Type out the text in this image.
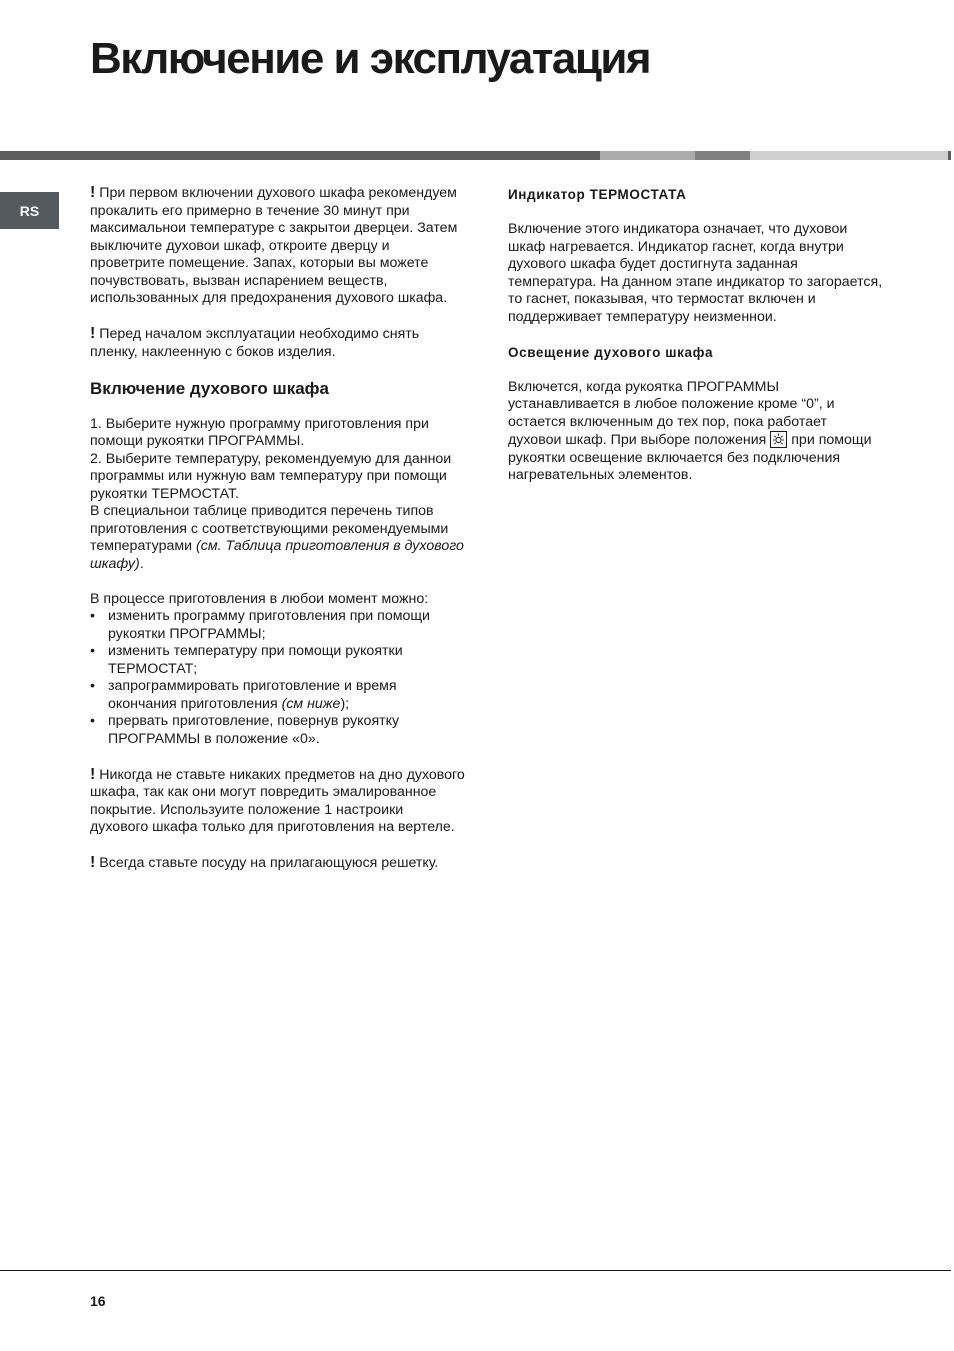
Включение и эксплуатация
RS

! При первом включении духового шкафа рекомендуем прокалить его примерно в течение 30 минут при максимальнои температуре с закрытои дверцеи. Затем выключите духовои шкаф, откроите дверцу и проветрите помещение. Запах, которыи вы можете почувствовать, вызван испарением веществ, использованных для предохранения духового шкафа.

! Перед началом эксплуатации необходимо снять пленку, наклеенную с боков изделия.

Включение духового шкафа

1. Выберите нужную программу приготовления при помощи рукоятки ПРОГРАММЫ.
2. Выберите температуру, рекомендуемую для даннои программы или нужную вам температуру при помощи рукоятки ТЕРМОСТАТ.
В специальнои таблице приводится перечень типов приготовления с соответствующими рекомендуемыми температурами (см. Таблица приготовления в духового шкафу).

В процессе приготовления в любои момент можно:
• изменить программу приготовления при помощи рукоятки ПРОГРАММЫ;
• изменить температуру при помощи рукоятки ТЕРМОСТАТ;
• запрограммировать приготовление и время окончания приготовления (см ниже);
• прервать приготовление, повернув рукоятку ПРОГРАММЫ в положение «0».

! Никогда не ставьте никаких предметов на дно духового шкафа, так как они могут повредить эмалированное покрытие. Используите положение 1 настроики духового шкафа только для приготовления на вертеле.

! Всегда ставьте посуду на прилагающуюся решетку.

Индикатор ТЕРМОСТАТА

Включение этого индикатора означает, что духовои шкаф нагревается. Индикатор гаснет, когда внутри духового шкафа будет достигнута заданная температура. На данном этапе индикатор то загорается, то гаснет, показывая, что термостат включен и поддерживает температуру неизменнои.

Освещение духового шкафа

Включется, когда рукоятка ПРОГРАММЫ устанавливается в любое положение кроме “0”, и остается включенным до тех пор, пока работает духовои шкаф. При выборе положения  при помощи рукоятки освещение включается без подключения нагревательных элементов.

16
